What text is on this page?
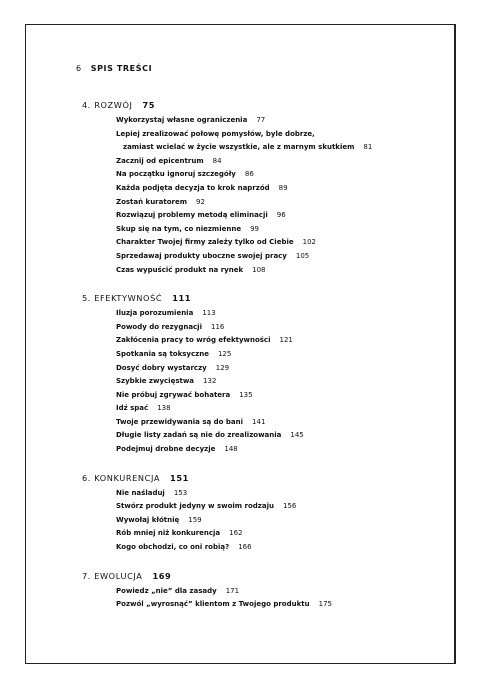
6 SPIS TREŚCI
4. ROZWÓJ 75
Wykorzystaj własne ograniczenia 77
Lepiej zrealizować połowę pomysłów, byle dobrze,
zamiast wcielać w życie wszystkie, ale z marnym skutkiem 81
Zacznij od epicentrum 84
Na początku ignoruj szczegóły 86
Każda podjęta decyzja to krok naprzód 89
Zostań kuratorem 92
Rozwiązuj problemy metodą eliminacji 96
Skup się na tym, co niezmienne 99
Charakter Twojej firmy zależy tylko od Ciebie 102
Sprzedawaj produkty uboczne swojej pracy 105
Czas wypuścić produkt na rynek 108
5. EFEKTYWNOŚĆ 111
Iluzja porozumienia 113
Powody do rezygnacji 116
Zakłócenia pracy to wróg efektywności 121
Spotkania są toksyczne 125
Dosyć dobry wystarczy 129
Szybkie zwycięstwa 132
Nie próbuj zgrywać bohatera 135
Idź spać 138
Twoje przewidywania są do bani 141
Długie listy zadań są nie do zrealizowania 145
Podejmuj drobne decyzje 148
6. KONKURENCJA 151
Nie naśladuj 153
Stwórz produkt jedyny w swoim rodzaju 156
Wywołaj kłótnię 159
Rób mniej niż konkurencja 162
Kogo obchodzi, co oni robią? 166
7. EWOLUCJA 169
Powiedz „nie” dla zasady 171
Pozwól „wyrosnąć” klientom z Twojego produktu 175
